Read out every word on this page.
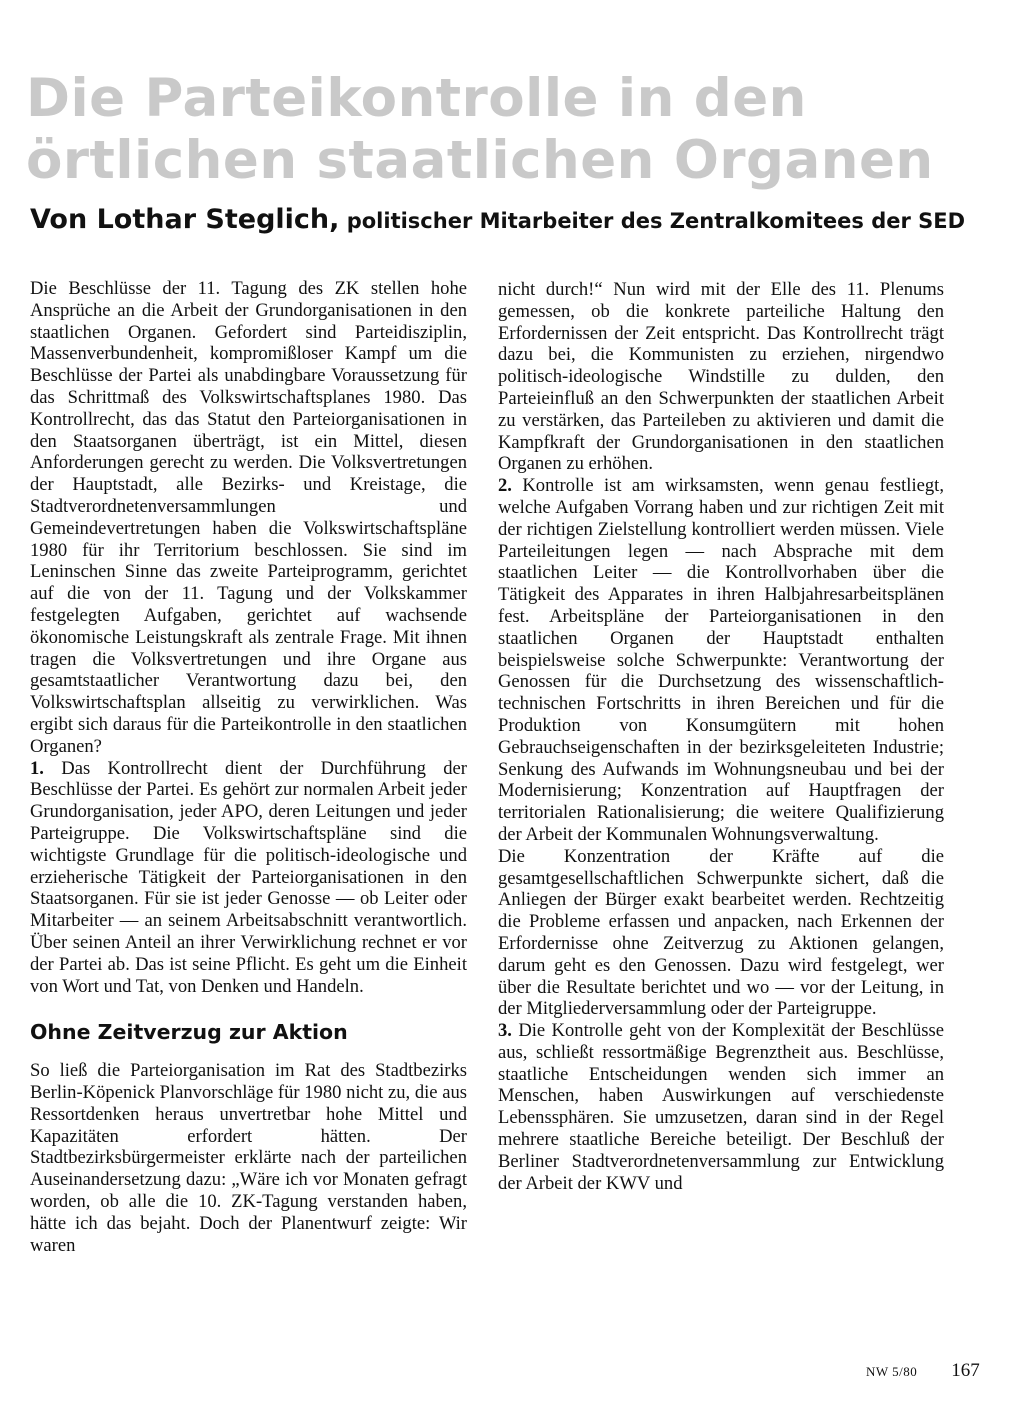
Die Parteikontrolle in den
örtlichen staatlichen Organen
Von Lothar Steglich, politischer Mitarbeiter des Zentralkomitees der SED

Die Beschlüsse der 11. Tagung des ZK stellen hohe Ansprüche an die Arbeit der Grundorganisationen in den staatlichen Organen. Gefordert sind Parteidisziplin, Massenverbundenheit, kompromißloser Kampf um die Beschlüsse der Partei als unabdingbare Voraussetzung für das Schrittmaß des Volkswirtschaftsplanes 1980. Das Kontrollrecht, das das Statut den Parteiorganisationen in den Staatsorganen überträgt, ist ein Mittel, diesen Anforderungen gerecht zu werden. Die Volksvertretungen der Hauptstadt, alle Bezirks- und Kreistage, die Stadtverordnetenversammlungen und Gemeindevertretungen haben die Volkswirtschaftspläne 1980 für ihr Territorium beschlossen. Sie sind im Leninschen Sinne das zweite Parteiprogramm, gerichtet auf die von der 11. Tagung und der Volkskammer festgelegten Aufgaben, gerichtet auf wachsende ökonomische Leistungskraft als zentrale Frage. Mit ihnen tragen die Volksvertretungen und ihre Organe aus gesamtstaatlicher Verantwortung dazu bei, den Volkswirtschaftsplan allseitig zu verwirklichen. Was ergibt sich daraus für die Parteikontrolle in den staatlichen Organen?

1. Das Kontrollrecht dient der Durchführung der Beschlüsse der Partei. Es gehört zur normalen Arbeit jeder Grundorganisation, jeder APO, deren Leitungen und jeder Parteigruppe. Die Volkswirtschaftspläne sind die wichtigste Grundlage für die politisch-ideologische und erzieherische Tätigkeit der Parteiorganisationen in den Staatsorganen. Für sie ist jeder Genosse — ob Leiter oder Mitarbeiter — an seinem Arbeitsabschnitt verantwortlich. Über seinen Anteil an ihrer Verwirklichung rechnet er vor der Partei ab. Das ist seine Pflicht. Es geht um die Einheit von Wort und Tat, von Denken und Handeln.

Ohne Zeitverzug zur Aktion

So ließ die Parteiorganisation im Rat des Stadtbezirks Berlin-Köpenick Planvorschläge für 1980 nicht zu, die aus Ressortdenken heraus unvertretbar hohe Mittel und Kapazitäten erfordert hätten. Der Stadtbezirksbürgermeister erklärte nach der parteilichen Auseinandersetzung dazu: „Wäre ich vor Monaten gefragt worden, ob alle die 10. ZK-Tagung verstanden haben, hätte ich das bejaht. Doch der Planentwurf zeigte: Wir waren

nicht durch!“ Nun wird mit der Elle des 11. Plenums gemessen, ob die konkrete parteiliche Haltung den Erfordernissen der Zeit entspricht. Das Kontrollrecht trägt dazu bei, die Kommunisten zu erziehen, nirgendwo politisch-ideologische Windstille zu dulden, den Parteieinfluß an den Schwerpunkten der staatlichen Arbeit zu verstärken, das Parteileben zu aktivieren und damit die Kampfkraft der Grundorganisationen in den staatlichen Organen zu erhöhen.

2. Kontrolle ist am wirksamsten, wenn genau festliegt, welche Aufgaben Vorrang haben und zur richtigen Zeit mit der richtigen Zielstellung kontrolliert werden müssen. Viele Parteileitungen legen — nach Absprache mit dem staatlichen Leiter — die Kontrollvorhaben über die Tätigkeit des Apparates in ihren Halbjahresarbeitsplänen fest. Arbeitspläne der Parteiorganisationen in den staatlichen Organen der Hauptstadt enthalten beispielsweise solche Schwerpunkte: Verantwortung der Genossen für die Durchsetzung des wissenschaftlich-technischen Fortschritts in ihren Bereichen und für die Produktion von Konsumgütern mit hohen Gebrauchseigenschaften in der bezirksgeleiteten Industrie; Senkung des Aufwands im Wohnungsneubau und bei der Modernisierung; Konzentration auf Hauptfragen der territorialen Rationalisierung; die weitere Qualifizierung der Arbeit der Kommunalen Wohnungsverwaltung.

Die Konzentration der Kräfte auf die gesamtgesellschaftlichen Schwerpunkte sichert, daß die Anliegen der Bürger exakt bearbeitet werden. Rechtzeitig die Probleme erfassen und anpacken, nach Erkennen der Erfordernisse ohne Zeitverzug zu Aktionen gelangen, darum geht es den Genossen. Dazu wird festgelegt, wer über die Resultate berichtet und wo — vor der Leitung, in der Mitgliederversammlung oder der Parteigruppe.

3. Die Kontrolle geht von der Komplexität der Beschlüsse aus, schließt ressortmäßige Begrenztheit aus. Beschlüsse, staatliche Entscheidungen wenden sich immer an Menschen, haben Auswirkungen auf verschiedenste Lebenssphären. Sie umzusetzen, daran sind in der Regel mehrere staatliche Bereiche beteiligt. Der Beschluß der Berliner Stadtverordnetenversammlung zur Entwicklung der Arbeit der KWV und

NW 5/80 167
